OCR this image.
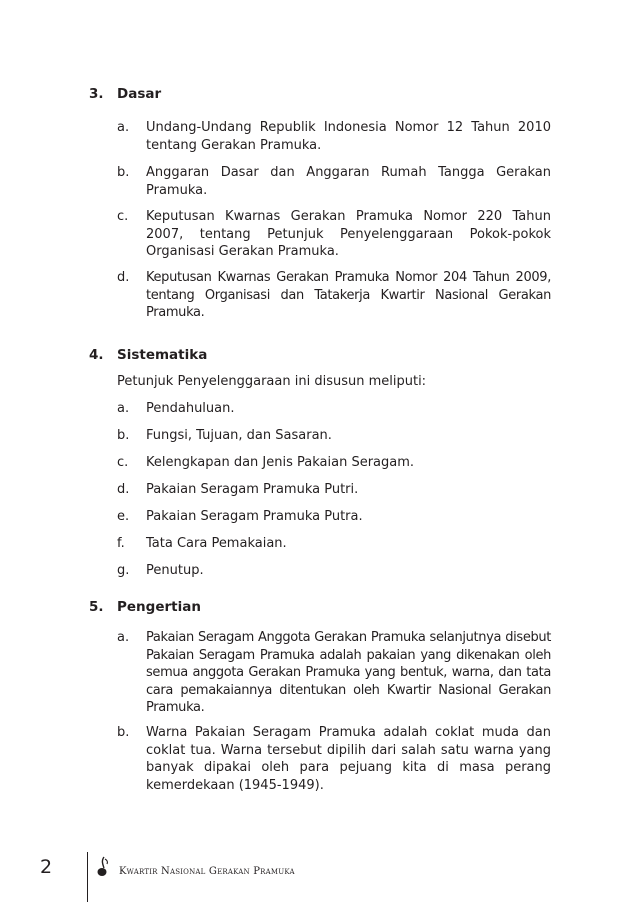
3. Dasar
a. Undang-Undang Republik Indonesia Nomor 12 Tahun 2010 tentang Gerakan Pramuka.
b. Anggaran Dasar dan Anggaran Rumah Tangga Gerakan Pramuka.
c. Keputusan Kwarnas Gerakan Pramuka Nomor 220 Tahun 2007, tentang Petunjuk Penyelenggaraan Pokok-pokok Organisasi Gerakan Pramuka.
d. Keputusan Kwarnas Gerakan Pramuka Nomor 204 Tahun 2009, tentang Organisasi dan Tatakerja Kwartir Nasional Gerakan Pramuka.
4. Sistematika
Petunjuk Penyelenggaraan ini disusun meliputi:
a. Pendahuluan.
b. Fungsi, Tujuan, dan Sasaran.
c. Kelengkapan dan Jenis Pakaian Seragam.
d. Pakaian Seragam Pramuka Putri.
e. Pakaian Seragam Pramuka Putra.
f. Tata Cara Pemakaian.
g. Penutup.
5. Pengertian
a. Pakaian Seragam Anggota Gerakan Pramuka selanjutnya disebut Pakaian Seragam Pramuka adalah pakaian yang dikenakan oleh semua anggota Gerakan Pramuka yang bentuk, warna, dan tata cara pemakaiannya ditentukan oleh Kwartir Nasional Gerakan Pramuka.
b. Warna Pakaian Seragam Pramuka adalah coklat muda dan coklat tua. Warna tersebut dipilih dari salah satu warna yang banyak dipakai oleh para pejuang kita di masa perang kemerdekaan (1945-1949).
2	Kwartir Nasional Gerakan Pramuka
